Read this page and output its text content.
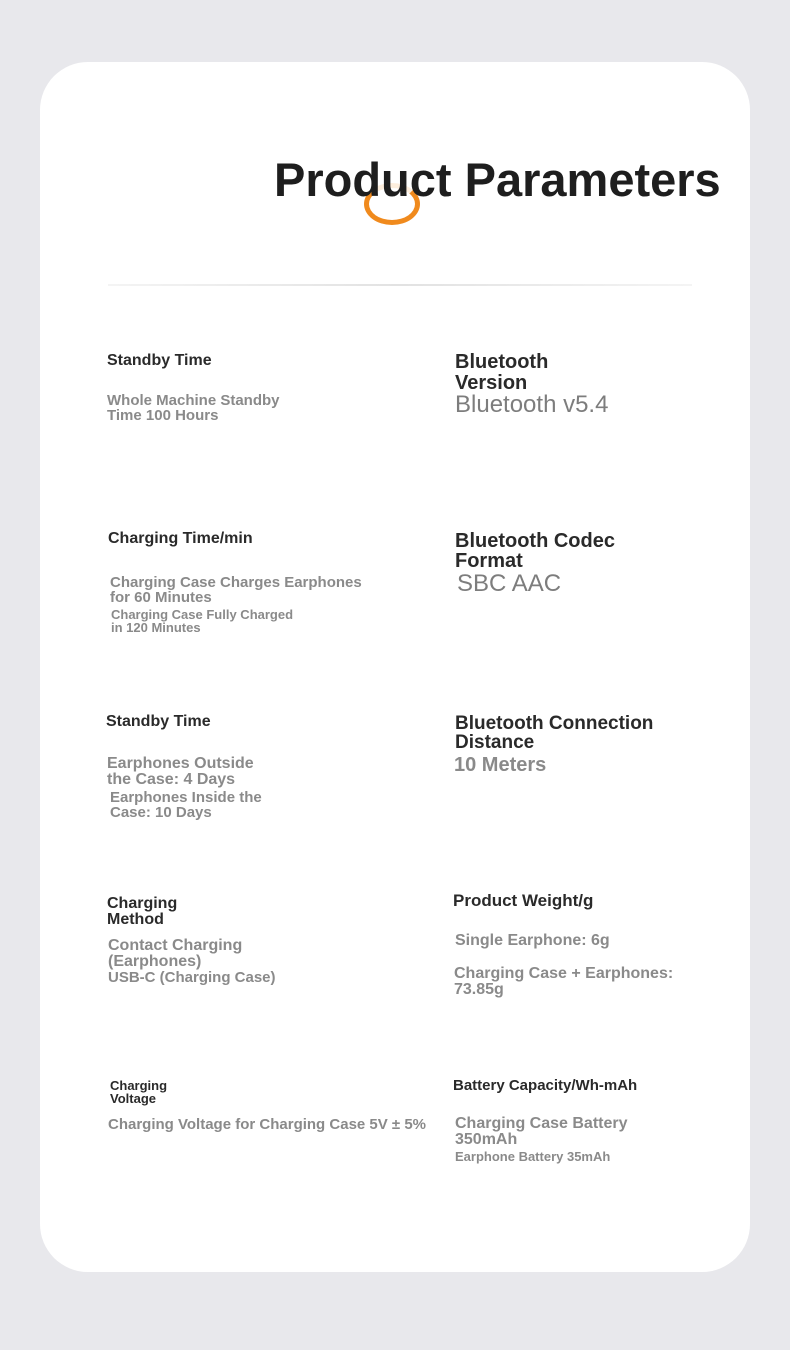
Product Parameters
Standby Time
Whole Machine Standby
Time 100 Hours
Charging Time/min
Charging Case Charges Earphones
for 60 Minutes
Charging Case Fully Charged
in 120 Minutes
Standby Time
Earphones Outside
the Case: 4 Days
Earphones Inside the
Case: 10 Days
Charging
Method
Contact Charging
(Earphones)
USB-C (Charging Case)
Charging
Voltage
Charging Voltage for Charging Case 5V ± 5%
Bluetooth
Version
Bluetooth v5.4
Bluetooth Codec
Format
SBC AAC
Bluetooth Connection
Distance
10 Meters
Product Weight/g
Single Earphone: 6g
Charging Case + Earphones:
73.85g
Battery Capacity/Wh-mAh
Charging Case Battery
350mAh
Earphone Battery 35mAh
